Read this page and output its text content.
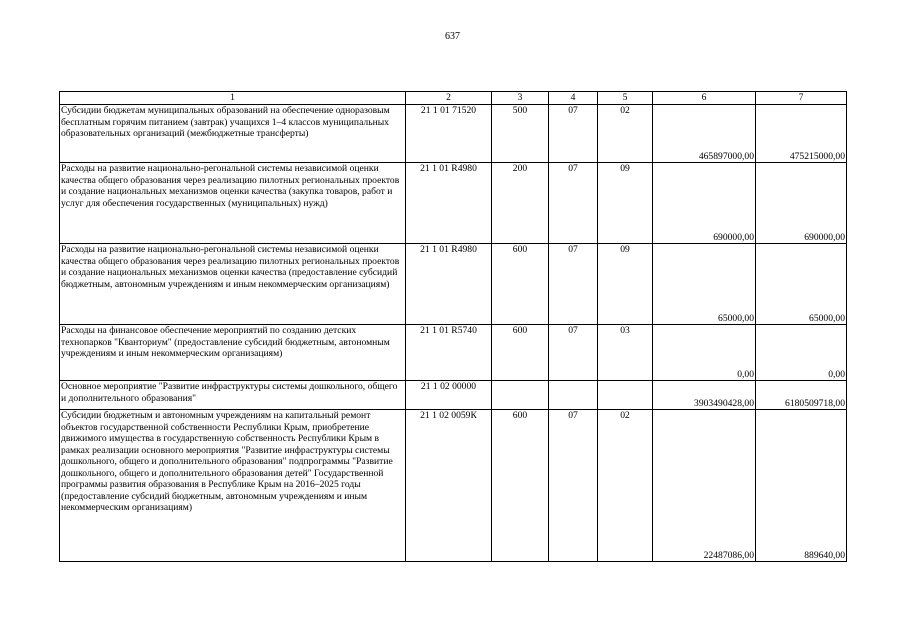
637
1	2	3	4	5	6	7
Субсидии бюджетам муниципальных образований на обеспечение одноразовым бесплатным горячим питанием (завтрак) учащихся 1–4 классов муниципальных образовательных организаций (межбюджетные трансферты)	21 1 01 71520	500	07	02	465897000,00	475215000,00
Расходы на развитие национально-регональной системы независимой оценки качества общего образования через реализацию пилотных региональных проектов и создание национальных механизмов оценки качества (закупка товаров, работ и услуг для обеспечения государственных (муниципальных) нужд)	21 1 01 R4980	200	07	09	690000,00	690000,00
Расходы на развитие национально-регональной системы независимой оценки качества общего образования через реализацию пилотных региональных проектов и создание национальных механизмов оценки качества (предоставление субсидий бюджетным, автономным учреждениям и иным некоммерческим организациям)	21 1 01 R4980	600	07	09	65000,00	65000,00
Расходы на финансовое обеспечение мероприятий по созданию детских технопарков "Кванториум" (предоставление субсидий бюджетным, автономным учреждениям и иным некоммерческим организациям)	21 1 01 R5740	600	07	03	0,00	0,00
Основное мероприятие "Развитие инфраструктуры системы дошкольного, общего и дополнительного образования"	21 1 02 00000				3903490428,00	6180509718,00
Субсидии бюджетным и автономным учреждениям на капитальный ремонт объектов государственной собственности Республики Крым, приобретение движимого имущества в государственную собственность Республики Крым в рамках реализации основного мероприятия "Развитие инфраструктуры системы дошкольного, общего и дополнительного образования" подпрограммы "Развитие дошкольного, общего и дополнительного образования детей" Государственной программы развития образования в Республике Крым на 2016–2025 годы (предоставление субсидий бюджетным, автономным учреждениям и иным некоммерческим организациям)	21 1 02 0059К	600	07	02	22487086,00	889640,00
